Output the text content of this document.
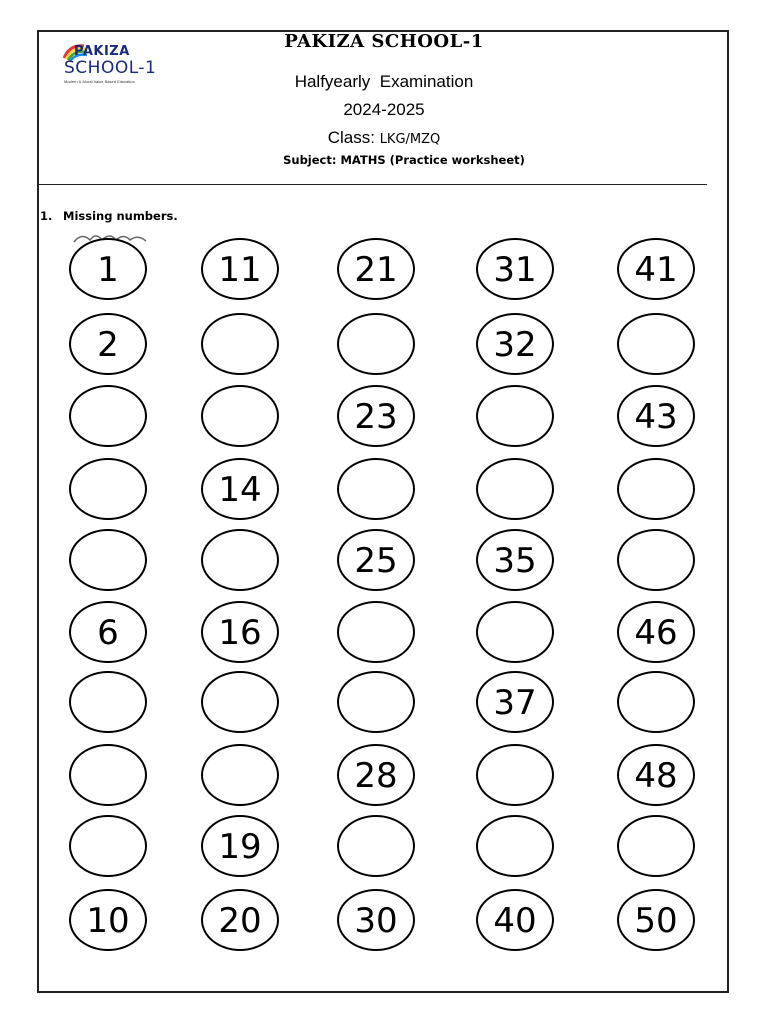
PAKIZA
SCHOOL-1
Modern & Moral Value Based Education
PAKIZA SCHOOL-1
Halfyearly  Examination
2024-2025
Class: LKG/MZQ
Subject: MATHS (Practice worksheet)
1. Missing numbers.
1
2
6
10
11
14
16
19
20
21
23
25
28
30
31
32
35
37
40
41
43
46
48
50
